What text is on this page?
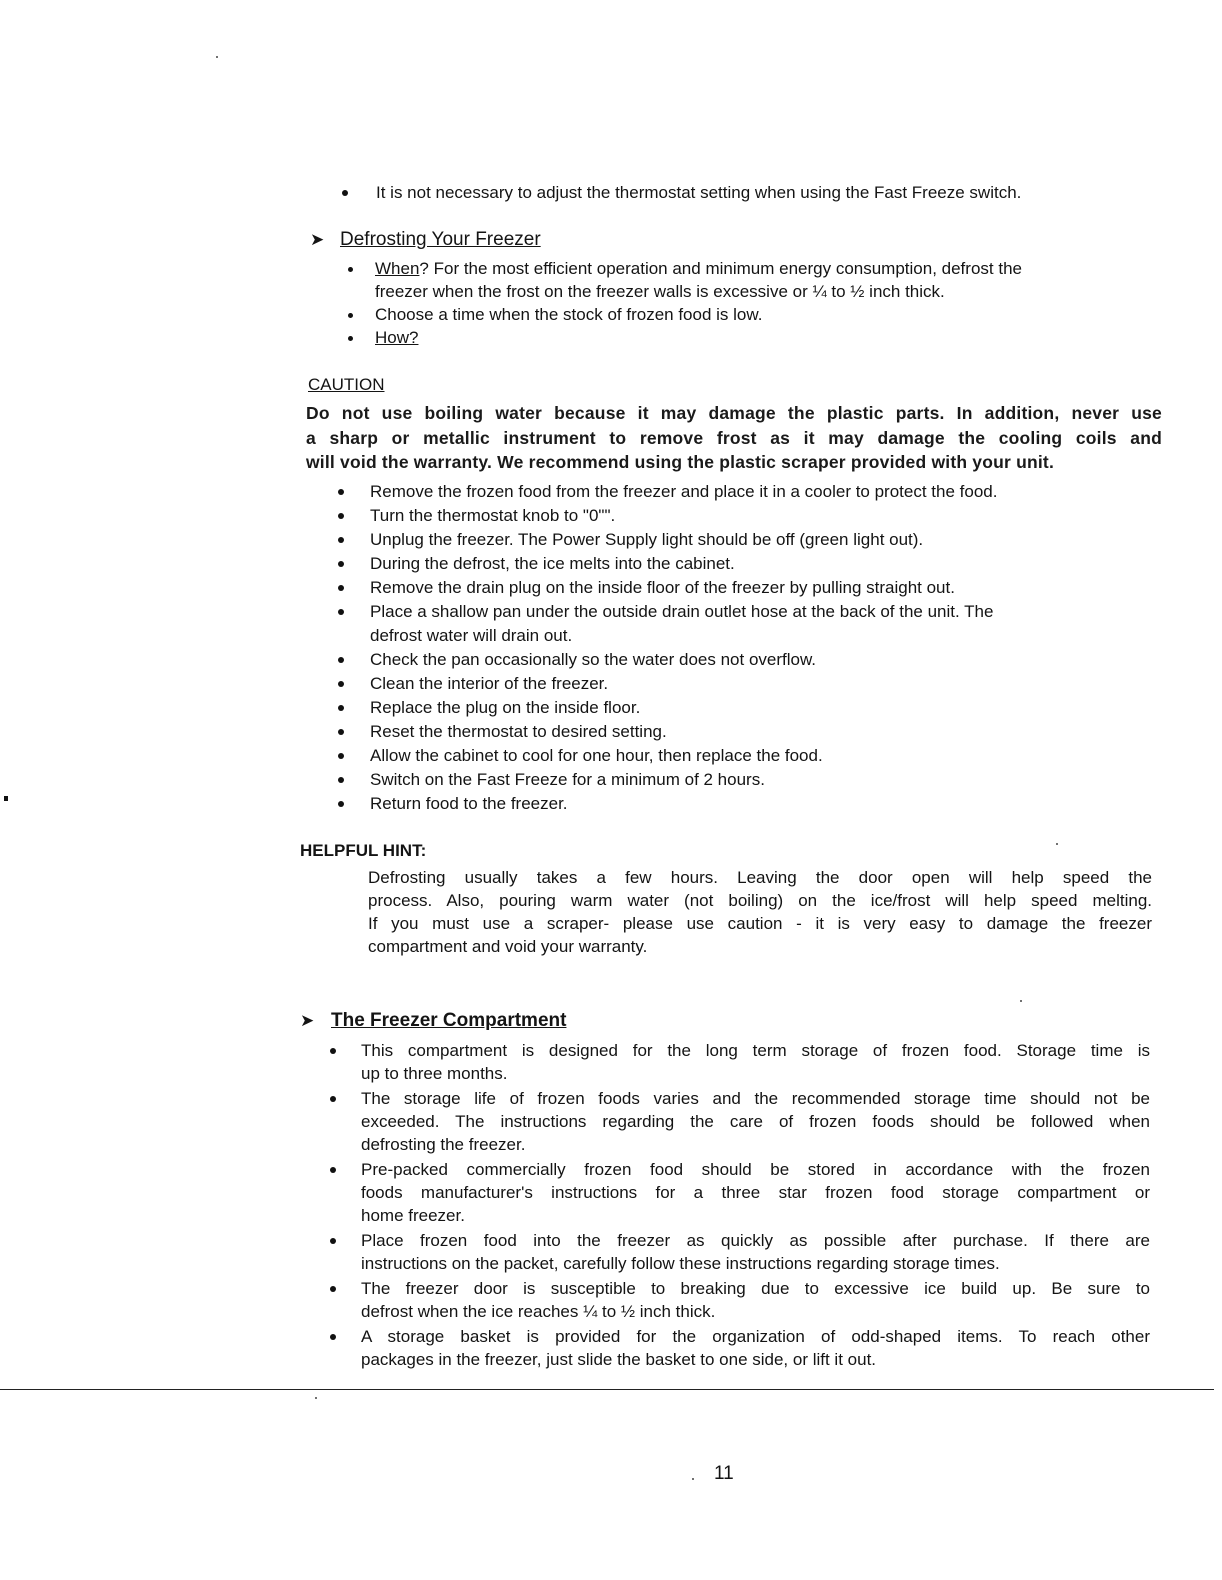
It is not necessary to adjust the thermostat setting when using the Fast Freeze switch.
➤ Defrosting Your Freezer
When? For the most efficient operation and minimum energy consumption, defrost the
freezer when the frost on the freezer walls is excessive or ¼ to ½ inch thick.
Choose a time when the stock of frozen food is low.
How?
CAUTION
Do not use boiling water because it may damage the plastic parts. In addition, never use
a sharp or metallic instrument to remove frost as it may damage the cooling coils and
will void the warranty. We recommend using the plastic scraper provided with your unit.
Remove the frozen food from the freezer and place it in a cooler to protect the food.
Turn the thermostat knob to "0"".
Unplug the freezer. The Power Supply light should be off (green light out).
During the defrost, the ice melts into the cabinet.
Remove the drain plug on the inside floor of the freezer by pulling straight out.
Place a shallow pan under the outside drain outlet hose at the back of the unit. The
defrost water will drain out.
Check the pan occasionally so the water does not overflow.
Clean the interior of the freezer.
Replace the plug on the inside floor.
Reset the thermostat to desired setting.
Allow the cabinet to cool for one hour, then replace the food.
Switch on the Fast Freeze for a minimum of 2 hours.
Return food to the freezer.
HELPFUL HINT:
Defrosting usually takes a few hours. Leaving the door open will help speed the
process. Also, pouring warm water (not boiling) on the ice/frost will help speed melting.
If you must use a scraper- please use caution - it is very easy to damage the freezer
compartment and void your warranty.
➤ The Freezer Compartment
This compartment is designed for the long term storage of frozen food. Storage time is
up to three months.
The storage life of frozen foods varies and the recommended storage time should not be
exceeded. The instructions regarding the care of frozen foods should be followed when
defrosting the freezer.
Pre-packed commercially frozen food should be stored in accordance with the frozen
foods manufacturer's instructions for a three star frozen food storage compartment or
home freezer.
Place frozen food into the freezer as quickly as possible after purchase. If there are
instructions on the packet, carefully follow these instructions regarding storage times.
The freezer door is susceptible to breaking due to excessive ice build up. Be sure to
defrost when the ice reaches ¼ to ½ inch thick.
A storage basket is provided for the organization of odd-shaped items. To reach other
packages in the freezer, just slide the basket to one side, or lift it out.
11
